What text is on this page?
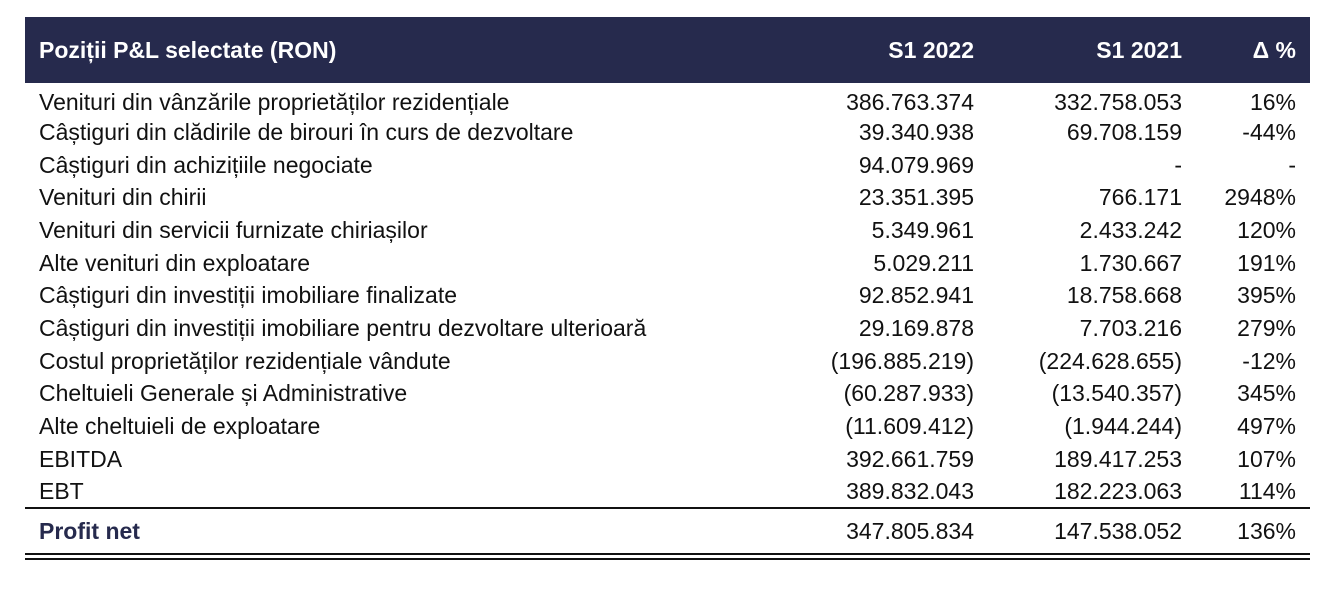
Poziții P&L selectate (RON)	S1 2022	S1 2021	Δ %
Venituri din vânzările proprietăților rezidențiale	386.763.374	332.758.053	16%
Câștiguri din clădirile de birouri în curs de dezvoltare	39.340.938	69.708.159	-44%
Câștiguri din achizițiile negociate	94.079.969	-	-
Venituri din chirii	23.351.395	766.171	2948%
Venituri din servicii furnizate chiriașilor	5.349.961	2.433.242	120%
Alte venituri din exploatare	5.029.211	1.730.667	191%
Câștiguri din investiții imobiliare finalizate	92.852.941	18.758.668	395%
Câștiguri din investiții imobiliare pentru dezvoltare ulterioară	29.169.878	7.703.216	279%
Costul proprietăților rezidențiale vândute	(196.885.219)	(224.628.655)	-12%
Cheltuieli Generale și Administrative	(60.287.933)	(13.540.357)	345%
Alte cheltuieli de exploatare	(11.609.412)	(1.944.244)	497%
EBITDA	392.661.759	189.417.253	107%
EBT	389.832.043	182.223.063	114%
Profit net	347.805.834	147.538.052	136%
